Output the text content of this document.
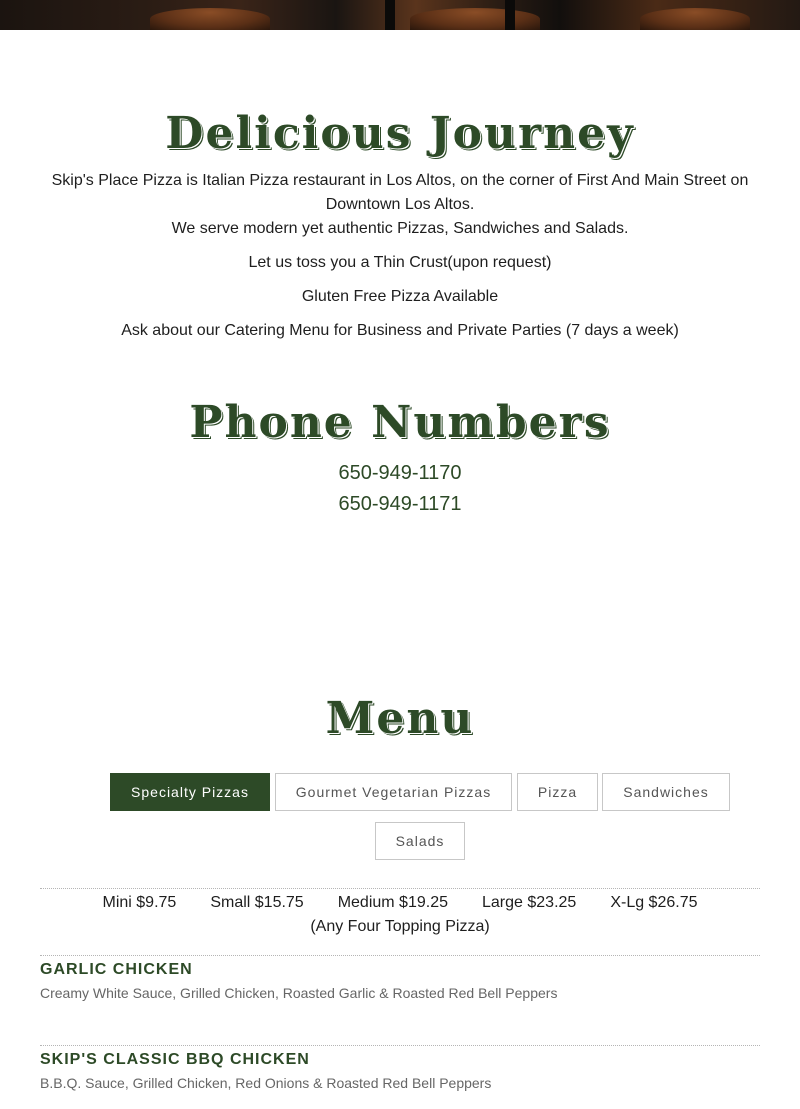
Delicious Journey
Skip's Place Pizza is Italian Pizza restaurant in Los Altos, on the corner of First And Main Street on Downtown Los Altos.
We serve modern yet authentic Pizzas, Sandwiches and Salads.
Let us toss you a Thin Crust(upon request)
Gluten Free Pizza Available
Ask about our Catering Menu for Business and Private Parties (7 days a week)
Phone Numbers
650-949-1170
650-949-1171
Menu
Specialty Pizzas	Gourmet Vegetarian Pizzas	Pizza	Sandwiches
Salads
Mini $9.75 Small $15.75 Medium $19.25 Large $23.25 X-Lg $26.75
(Any Four Topping Pizza)
GARLIC CHICKEN
Creamy White Sauce, Grilled Chicken, Roasted Garlic & Roasted Red Bell Peppers
SKIP'S CLASSIC BBQ CHICKEN
B.B.Q. Sauce, Grilled Chicken, Red Onions & Roasted Red Bell Peppers
